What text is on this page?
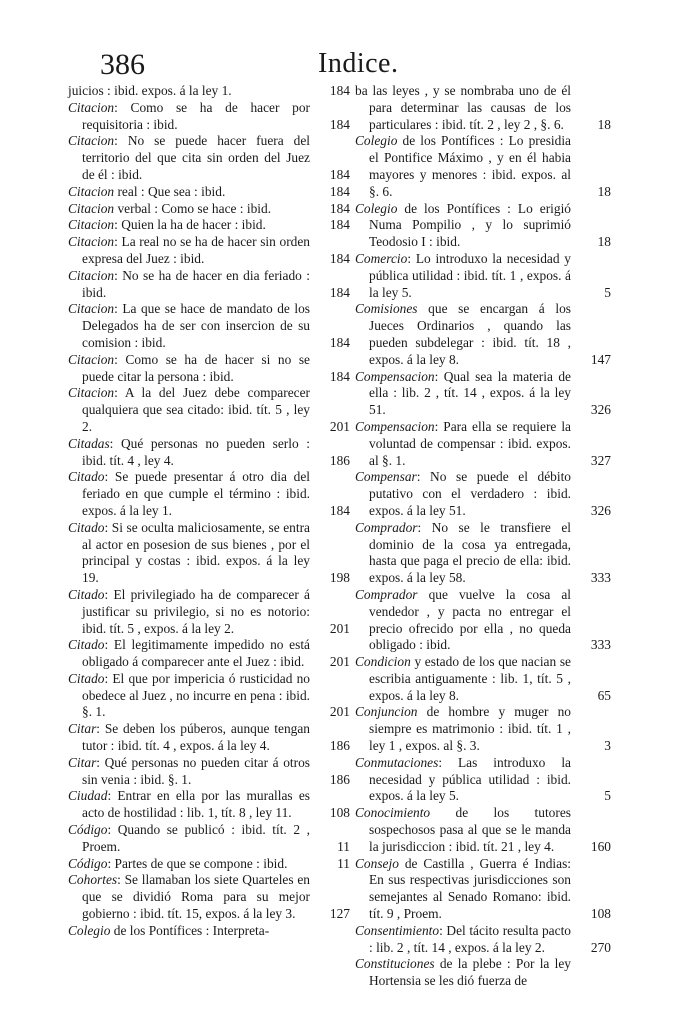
386	Indice.
juicios : ibid. expos. á la ley 1.	184
Citacion: Como se ha de hacer por requisitoria : ibid.	184
Citacion: No se puede hacer fuera del territorio del que cita sin orden del Juez de él : ibid.	184
Citacion real : Que sea : ibid.	184
Citacion verbal : Como se hace : ibid.	184
Citacion: Quien la ha de hacer : ibid.	184
Citacion: La real no se ha de hacer sin orden expresa del Juez : ibid.	184
Citacion: No se ha de hacer en dia feriado : ibid.	184
Citacion: La que se hace de mandato de los Delegados ha de ser con insercion de su comision : ibid.	184
Citacion: Como se ha de hacer si no se puede citar la persona : ibid.	184
Citacion: A la del Juez debe comparecer qualquiera que sea citado: ibid. tít. 5 , ley 2.	201
Citadas: Qué personas no pueden serlo : ibid. tít. 4 , ley 4.	186
Citado: Se puede presentar á otro dia del feriado en que cumple el término : ibid. expos. á la ley 1.	184
Citado: Si se oculta maliciosamente, se entra al actor en posesion de sus bienes , por el principal y costas : ibid. expos. á la ley 19.	198
Citado: El privilegiado ha de comparecer á justificar su privilegio, si no es notorio: ibid. tít. 5 , expos. á la ley 2.	201
Citado: El legitimamente impedido no está obligado á comparecer ante el Juez : ibid.	201
Citado: El que por impericia ó rusticidad no obedece al Juez , no incurre en pena : ibid. §. 1.	201
Citar: Se deben los púberos, aunque tengan tutor : ibid. tít. 4 , expos. á la ley 4.	186
Citar: Qué personas no pueden citar á otros sin venia : ibid. §. 1.	186
Ciudad: Entrar en ella por las murallas es acto de hostilidad : lib. 1, tít. 8 , ley 11.	108
Código: Quando se publicó : ibid. tít. 2 , Proem.	11
Código: Partes de que se compone : ibid.	11
Cohortes: Se llamaban los siete Quarteles en que se dividió Roma para su mejor gobierno : ibid. tít. 15, expos. á la ley 3.	127
Colegio de los Pontífices : Interpreta-
ba las leyes , y se nombraba uno de él para determinar las causas de los particulares : ibid. tít. 2 , ley 2 , §. 6.	18
Colegio de los Pontífices : Lo presidia el Pontifice Máximo , y en él habia mayores y menores : ibid. expos. al §. 6.	18
Colegio de los Pontífices : Lo erigió Numa Pompilio , y lo suprimió Teodosio I : ibid.	18
Comercio: Lo introduxo la necesidad y pública utilidad : ibid. tít. 1 , expos. á la ley 5.	5
Comisiones que se encargan á los Jueces Ordinarios , quando las pueden subdelegar : ibid. tít. 18 , expos. á la ley 8.	147
Compensacion: Qual sea la materia de ella : lib. 2 , tít. 14 , expos. á la ley 51.	326
Compensacion: Para ella se requiere la voluntad de compensar : ibid. expos. al §. 1.	327
Compensar: No se puede el débito putativo con el verdadero : ibid. expos. á la ley 51.	326
Comprador: No se le transfiere el dominio de la cosa ya entregada, hasta que paga el precio de ella: ibid. expos. á la ley 58.	333
Comprador que vuelve la cosa al vendedor , y pacta no entregar el precio ofrecido por ella , no queda obligado : ibid.	333
Condicion y estado de los que nacian se escribia antiguamente : lib. 1, tít. 5 , expos. á la ley 8.	65
Conjuncion de hombre y muger no siempre es matrimonio : ibid. tít. 1 , ley 1 , expos. al §. 3.	3
Conmutaciones: Las introduxo la necesidad y pública utilidad : ibid. expos. á la ley 5.	5
Conocimiento de los tutores sospechosos pasa al que se le manda la jurisdiccion : ibid. tít. 21 , ley 4.	160
Consejo de Castilla , Guerra é Indias: En sus respectivas jurisdicciones son semejantes al Senado Romano: ibid. tít. 9 , Proem.	108
Consentimiento: Del tácito resulta pacto : lib. 2 , tít. 14 , expos. á la ley 2.	270
Constituciones de la plebe : Por la ley Hortensia se les dió fuerza de
